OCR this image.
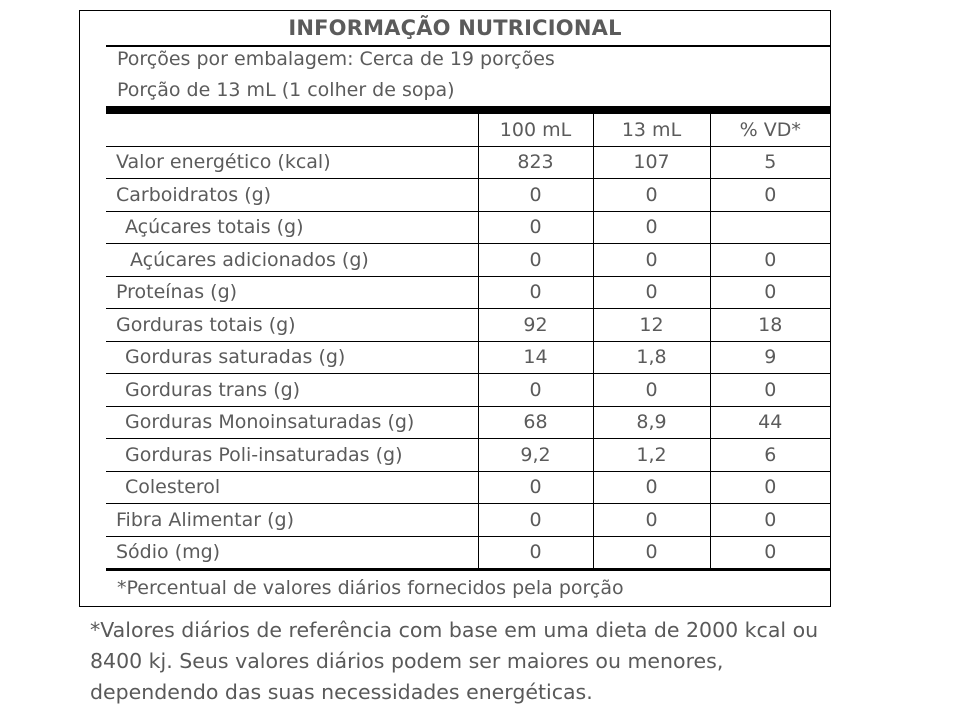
INFORMAÇÃO NUTRICIONAL
Porções por embalagem: Cerca de 19 porções
Porção de 13 mL (1 colher de sopa)
	100 mL	13 mL	% VD*
Valor energético (kcal)	823	107	5
Carboidratos (g)	0	0	0
Açúcares totais (g)	0	0	
Açúcares adicionados (g)	0	0	0
Proteínas (g)	0	0	0
Gorduras totais (g)	92	12	18
Gorduras saturadas (g)	14	1,8	9
Gorduras trans (g)	0	0	0
Gorduras Monoinsaturadas (g)	68	8,9	44
Gorduras Poli-insaturadas (g)	9,2	1,2	6
Colesterol	0	0	0
Fibra Alimentar (g)	0	0	0
Sódio (mg)	0	0	0
*Percentual de valores diários fornecidos pela porção
*Valores diários de referência com base em uma dieta de 2000 kcal ou
8400 kj. Seus valores diários podem ser maiores ou menores,
dependendo das suas necessidades energéticas.
